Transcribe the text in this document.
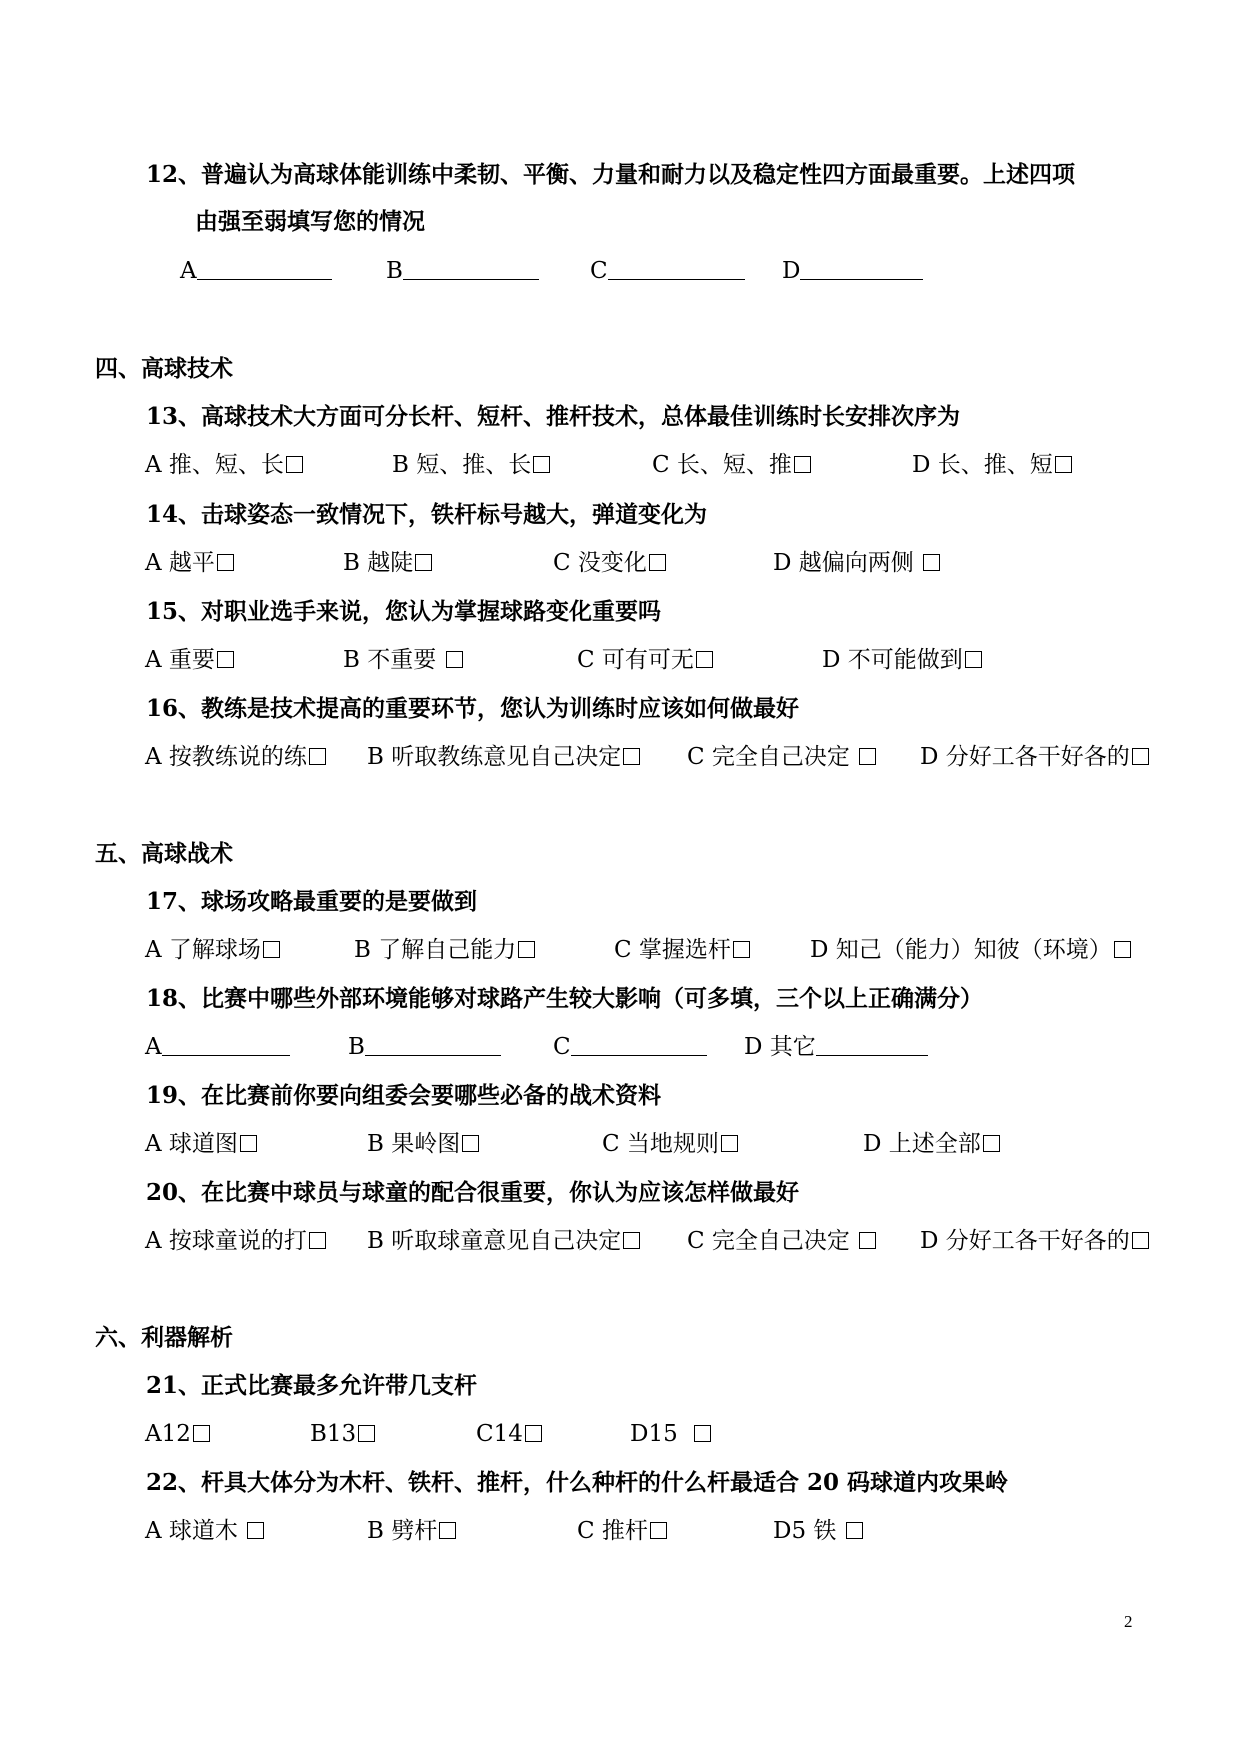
12、普遍认为高球体能训练中柔韧、平衡、力量和耐力以及稳定性四方面最重要。上述四项
由强至弱填写您的情况
A	B	C	D
四、高球技术
13、高球技术大方面可分长杆、短杆、推杆技术，总体最佳训练时长安排次序为
A 推、短、长	B 短、推、长	C 长、短、推	D 长、推、短
14、击球姿态一致情况下，铁杆标号越大，弹道变化为
A 越平	B 越陡	C 没变化	D 越偏向两侧
15、对职业选手来说，您认为掌握球路变化重要吗
A 重要	B 不重要	C 可有可无	D 不可能做到
16、教练是技术提高的重要环节，您认为训练时应该如何做最好
A 按教练说的练	B 听取教练意见自己决定	C 完全自己决定	D 分好工各干好各的
五、高球战术
17、球场攻略最重要的是要做到
A 了解球场	B 了解自己能力	C 掌握选杆	D 知己（能力）知彼（环境）
18、比赛中哪些外部环境能够对球路产生较大影响（可多填，三个以上正确满分）
A	B	C	D 其它
19、在比赛前你要向组委会要哪些必备的战术资料
A 球道图	B 果岭图	C 当地规则	D 上述全部
20、在比赛中球员与球童的配合很重要，你认为应该怎样做最好
A 按球童说的打	B 听取球童意见自己决定	C 完全自己决定	D 分好工各干好各的
六、利器解析
21、正式比赛最多允许带几支杆
A12	B13	C14	D15
22、杆具大体分为木杆、铁杆、推杆，什么种杆的什么杆最适合 20 码球道内攻果岭
A 球道木	B 劈杆	C 推杆	D5 铁
2
